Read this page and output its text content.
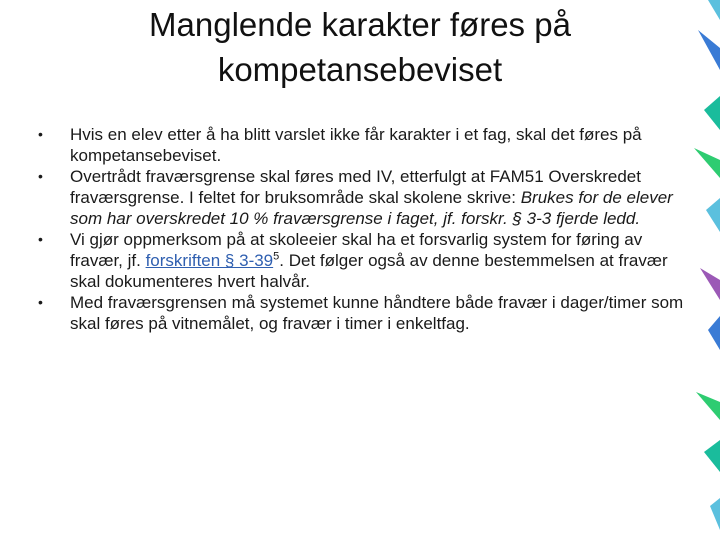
Manglende karakter føres på kompetansebeviset
• Hvis en elev etter å ha blitt varslet ikke får karakter i et fag, skal det føres på kompetansebeviset.
• Overtrådt fraværsgrense skal føres med IV, etterfulgt at FAM51 Overskredet fraværsgrense. I feltet for bruksområde skal skolene skrive: Brukes for de elever som har overskredet 10 % fraværsgrense i faget, jf. forskr. § 3-3 fjerde ledd.
• Vi gjør oppmerksom på at skoleeier skal ha et forsvarlig system for føring av fravær, jf. forskriften § $3-39^5$. Det følger også av denne bestemmelsen at fravær skal dokumenteres hvert halvår.
• Med fraværsgrensen må systemet kunne håndtere både fravær i dager/timer som skal føres på vitnemålet, og fravær i timer i enkeltfag.
